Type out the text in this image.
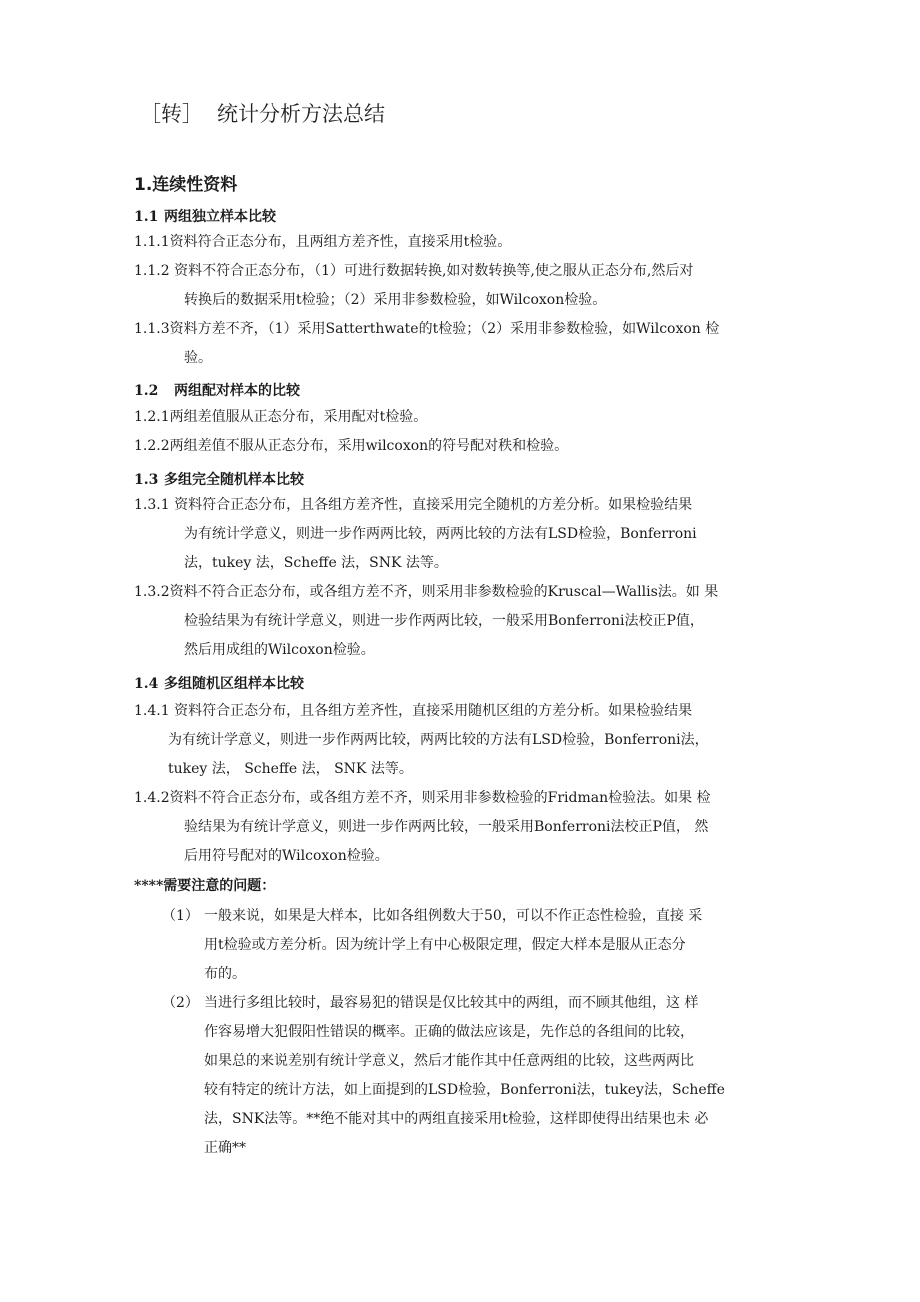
［转］ 统计分析方法总结
1.连续性资料
1.1 两组独立样本比较
1.1.1资料符合正态分布，且两组方差齐性，直接采用t检验。
1.1.2 资料不符合正态分布，（1）可进行数据转换,如对数转换等,使之服从正态分布,然后对
转换后的数据采用t检验；（2）采用非参数检验，如Wilcoxon检验。
1.1.3资料方差不齐，（1）采用Satterthwate的t检验；（2）采用非参数检验，如Wilcoxon 检
验。
1.2 两组配对样本的比较
1.2.1两组差值服从正态分布，采用配对t检验。
1.2.2两组差值不服从正态分布，采用wilcoxon的符号配对秩和检验。
1.3 多组完全随机样本比较
1.3.1 资料符合正态分布，且各组方差齐性，直接采用完全随机的方差分析。如果检验结果
为有统计学意义，则进一步作两两比较，两两比较的方法有LSD检验，Bonferroni
法，tukey 法，Scheffe 法，SNK 法等。
1.3.2资料不符合正态分布，或各组方差不齐，则采用非参数检验的Kruscal—Wallis法。如 果
检验结果为有统计学意义，则进一步作两两比较，一般采用Bonferroni法校正P值，
然后用成组的Wilcoxon检验。
1.4 多组随机区组样本比较
1.4.1 资料符合正态分布，且各组方差齐性，直接采用随机区组的方差分析。如果检验结果
为有统计学意义，则进一步作两两比较，两两比较的方法有LSD检验，Bonferroni法，
tukey 法， Scheffe 法， SNK 法等。
1.4.2资料不符合正态分布，或各组方差不齐，则采用非参数检验的Fridman检验法。如果 检
验结果为有统计学意义，则进一步作两两比较，一般采用Bonferroni法校正P值， 然
后用符号配对的Wilcoxon检验。
****需要注意的问题：
（1） 一般来说，如果是大样本，比如各组例数大于50，可以不作正态性检验，直接 采
用t检验或方差分析。因为统计学上有中心极限定理，假定大样本是服从正态分
布的。
（2） 当进行多组比较时，最容易犯的错误是仅比较其中的两组，而不顾其他组，这 样
作容易增大犯假阳性错误的概率。正确的做法应该是，先作总的各组间的比较，
如果总的来说差别有统计学意义，然后才能作其中任意两组的比较，这些两两比
较有特定的统计方法，如上面提到的LSD检验，Bonferroni法，tukey法，Scheffe
法，SNK法等。**绝不能对其中的两组直接采用t检验，这样即使得出结果也未 必
正确**
